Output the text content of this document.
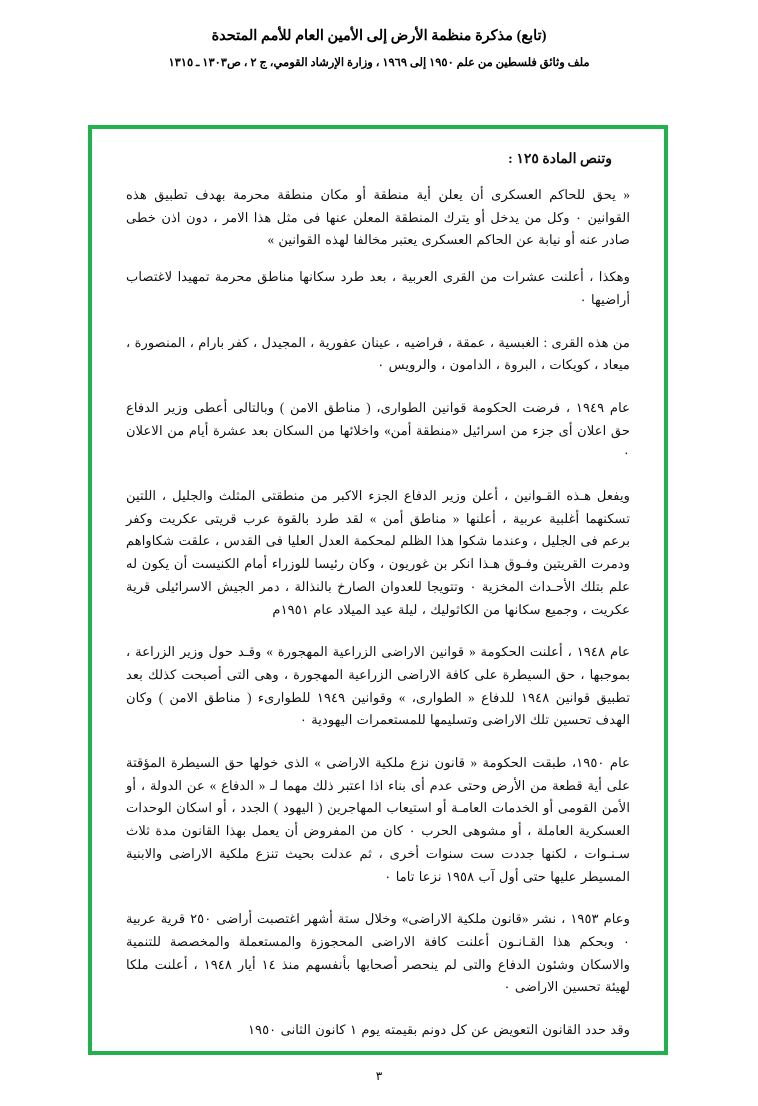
(تابع) مذكرة منظمة الأرض إلى الأمين العام للأمم المتحدة
ملف وثائق فلسطين من علم ١٩٥٠ إلى ١٩٦٩ ، وزارة الإرشاد القومي، ج ٢ ، ص١٣٠٣ ـ ١٣١٥
وتنص المادة ١٢٥ :

« يحق للحاكم العسكرى أن يعلن أية منطقة أو مكان منطقة محرمة بهدف تطبيق هذه القوانين ٠ وكل من يدخل أو يترك المنطقة المعلن عنها فى مثل هذا الامر ، دون اذن خطى صادر عنه أو نيابة عن الحاكم العسكرى يعتبر مخالفا لهذه القوانين »

وهكذا ، أعلنت عشرات من القرى العربية ، بعد طرد سكانها مناطق محرمة تمهيدا لاغتصاب أراضيها ٠

من هذه القرى : الغبسية ، عمقة ، فراضيه ، عينان عفورية ، المجيدل ، كفر بارام ، المنصورة ، ميعاد ، كويكات ، البروة ، الدامون ، والرويس ٠

عام ١٩٤٩ ، فرضت الحكومة قوانين الطوارى، ( مناطق الامن ) وبالتالى أعطى وزير الدفاع حق اعلان أى جزء من اسرائيل «منطقة أمن» واخلائها من السكان بعد عشرة أيام من الاعلان ٠

ويفعل هـذه القـوانين ، أعلن وزير الدفاع الجزء الاكبر من منطقتى المثلث والجليل ، اللتين تسكنهما أغلبية عربية ، أعلنها « مناطق أمن » لقد طرد بالقوة عرب قريتى عكريت وكفر برعم فى الجليل ، وعندما شكوا هذا الظلم لمحكمة العدل العليا فى القدس ، علقت شكاواهم ودمرت القريتين وفـوق هـذا انكر بن غوريون ، وكان رئيسا للوزراء أمام الكنيست أن يكون له علم بتلك الأحـداث المخزية ٠ وتتويجا للعدوان الصارخ بالنذالة ، دمر الجيش الاسرائيلى قرية عكريت ، وجميع سكانها من الكاثوليك ، ليلة عيد الميلاد عام ١٩٥١م

عام ١٩٤٨ ، أعلنت الحكومة « قوانين الاراضى الزراعية المهجورة » وقـد حول وزير الزراعة ، بموجبها ، حق السيطرة على كافة الاراضى الزراعية المهجورة ، وهى التى أصبحت كذلك بعد تطبيق قوانين ١٩٤٨ للدفاع « الطوارى، » وقوانين ١٩٤٩ للطوارىء ( مناطق الامن ) وكان الهدف تحسين تلك الاراضى وتسليمها للمستعمرات اليهودية ٠

عام ١٩٥٠، طبقت الحكومة « قانون نزع ملكية الاراضى » الذى خولها حق السيطرة المؤقتة على أية قطعة من الأرض وحتى عدم أى بناء اذا اعتبر ذلك مهما لـ « الدفاع » عن الدولة ، أو الأمن القومى أو الخدمات العامـة أو استيعاب المهاجرين ( اليهود ) الجدد ، أو اسكان الوحدات العسكرية العاملة ، أو مشوهى الحرب ٠ كان من المفروض أن يعمل بهذا القانون مدة ثلاث سـنـوات ، لكنها جددت ست سنوات أخرى ، ثم عدلت بحيث تنزع ملكية الاراضى والابنية المسيطر عليها حتى أول آب ١٩٥٨ نزعا تاما ٠

وعام ١٩٥٣ ، نشر «قانون ملكية الاراضى» وخلال ستة أشهر اغتصبت أراضى ٢٥٠ قرية عربية ٠ وبحكم هذا القـانـون أعلنت كافة الاراضى المحجوزة والمستعملة والمخصصة للتنمية والاسكان وشئون الدفاع والتى لم ينحصر أصحابها بأنفسهم منذ ١٤ أيار ١٩٤٨ ، أعلنت ملكا لهيئة تحسين الاراضى ٠

وقد حدد القانون التعويض عن كل دونم بقيمته يوم ١ كانون الثانى ١٩٥٠

٣
